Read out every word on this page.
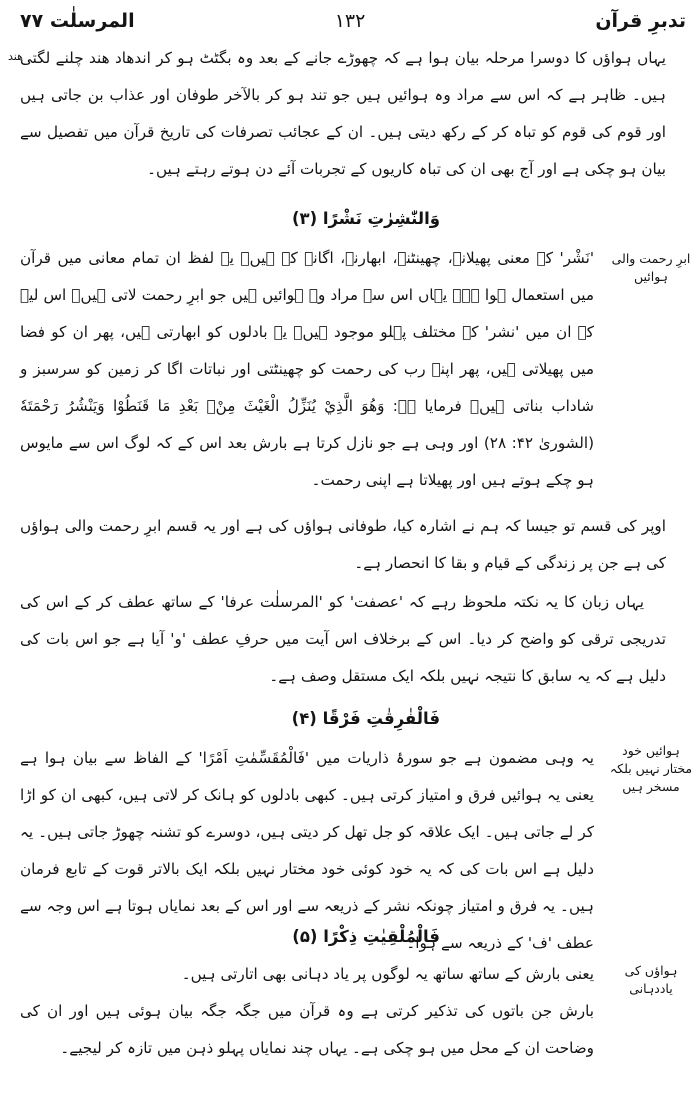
تدبرِ قرآن
۱۳۲
المرسلٰت ۷۷
ھند
یہاں ہواؤں کا دوسرا مرحلہ بیان ہوا ہے کہ چھوڑے جانے کے بعد وہ بگٹٹ ہو کر اندھاد ھند چلنے لگتی ہیں۔ ظاہر ہے کہ اس سے مراد وہ ہوائیں ہیں جو تند ہو کر بالآخر طوفان اور عذاب بن جاتی ہیں اور قوم کی قوم کو تباہ کر کے رکھ دیتی ہیں۔ ان کے عجائب تصرفات کی تاریخ قرآن میں تفصیل سے بیان ہو چکی ہے اور آج بھی ان کی تباہ کاریوں کے تجربات آئے دن ہوتے رہتے ہیں۔
وَالنّٰشِرٰتِ نَشْرًا (۳)
ابرِ رحمت والی ہوائیں
'نَشْر' کے معنی پھیلانے، چھینٹنے، ابھارنے، اگانے کے ہیں۔ یہ لفظ ان تمام معانی میں قرآن میں استعمال ہوا ہے۔ یہاں اس سے مراد وہ ہوائیں ہیں جو ابرِ رحمت لاتی ہیں۔ اس لیے کہ ان میں 'نشر' کے مختلف پہلو موجود ہیں۔ یہ بادلوں کو ابھارتی ہیں، پھر ان کو فضا میں پھیلاتی ہیں، پھر اپنے رب کی رحمت کو چھینٹتی اور نباتات اگا کر زمین کو سرسبز و شاداب بناتی ہیں۔ فرمایا ہے: وَهُوَ الَّذِيْ يُنَزِّلُ الْغَيْثَ مِنْۢ بَعْدِ مَا قَنَطُوْا وَيَنْشُرُ رَحْمَتَهٗ (الشوریٰ ۴۲: ۲۸) اور وہی ہے جو نازل کرتا ہے بارش بعد اس کے کہ لوگ اس سے مایوس ہو چکے ہوتے ہیں اور پھیلاتا ہے اپنی رحمت۔
اوپر کی قسم تو جیسا کہ ہم نے اشارہ کیا، طوفانی ہواؤں کی ہے اور یہ قسم ابرِ رحمت والی ہواؤں کی ہے جن پر زندگی کے قیام و بقا کا انحصار ہے۔
یہاں زبان کا یہ نکتہ ملحوظ رہے کہ 'عصفت' کو 'المرسلٰت عرفا' کے ساتھ عطف کر کے اس کی تدریجی ترقی کو واضح کر دیا۔ اس کے برخلاف اس آیت میں حرفِ عطف 'و' آیا ہے جو اس بات کی دلیل ہے کہ یہ سابق کا نتیجہ نہیں بلکہ ایک مستقل وصف ہے۔
فَالْفٰرِقٰتِ فَرْقًا (۴)
ہوائیں خود مختار نہیں بلکہ مسخر ہیں
یہ وہی مضمون ہے جو سورۂ ذاریات میں 'فَالْمُقَسِّمٰتِ اَمْرًا' کے الفاظ سے بیان ہوا ہے یعنی یہ ہوائیں فرق و امتیاز کرتی ہیں۔ کبھی بادلوں کو ہانک کر لاتی ہیں، کبھی ان کو اڑا کر لے جاتی ہیں۔ ایک علاقہ کو جل تھل کر دیتی ہیں، دوسرے کو تشنہ چھوڑ جاتی ہیں۔ یہ دلیل ہے اس بات کی کہ یہ خود کوئی خود مختار نہیں بلکہ ایک بالاتر قوت کے تابع فرمان ہیں۔ یہ فرق و امتیاز چونکہ نشر کے ذریعہ سے اور اس کے بعد نمایاں ہوتا ہے اس وجہ سے عطف 'ف' کے ذریعہ سے ہوا۔
فَالْمُلْقِيٰتِ ذِكْرًا (۵)
ہواؤں کی یاددہانی
یعنی بارش کے ساتھ ساتھ یہ لوگوں پر یاد دہانی بھی اتارتی ہیں۔
بارش جن باتوں کی تذکیر کرتی ہے وہ قرآن میں جگہ جگہ بیان ہوئی ہیں اور ان کی وضاحت ان کے محل میں ہو چکی ہے۔ یہاں چند نمایاں پہلو ذہن میں تازہ کر لیجیے۔
